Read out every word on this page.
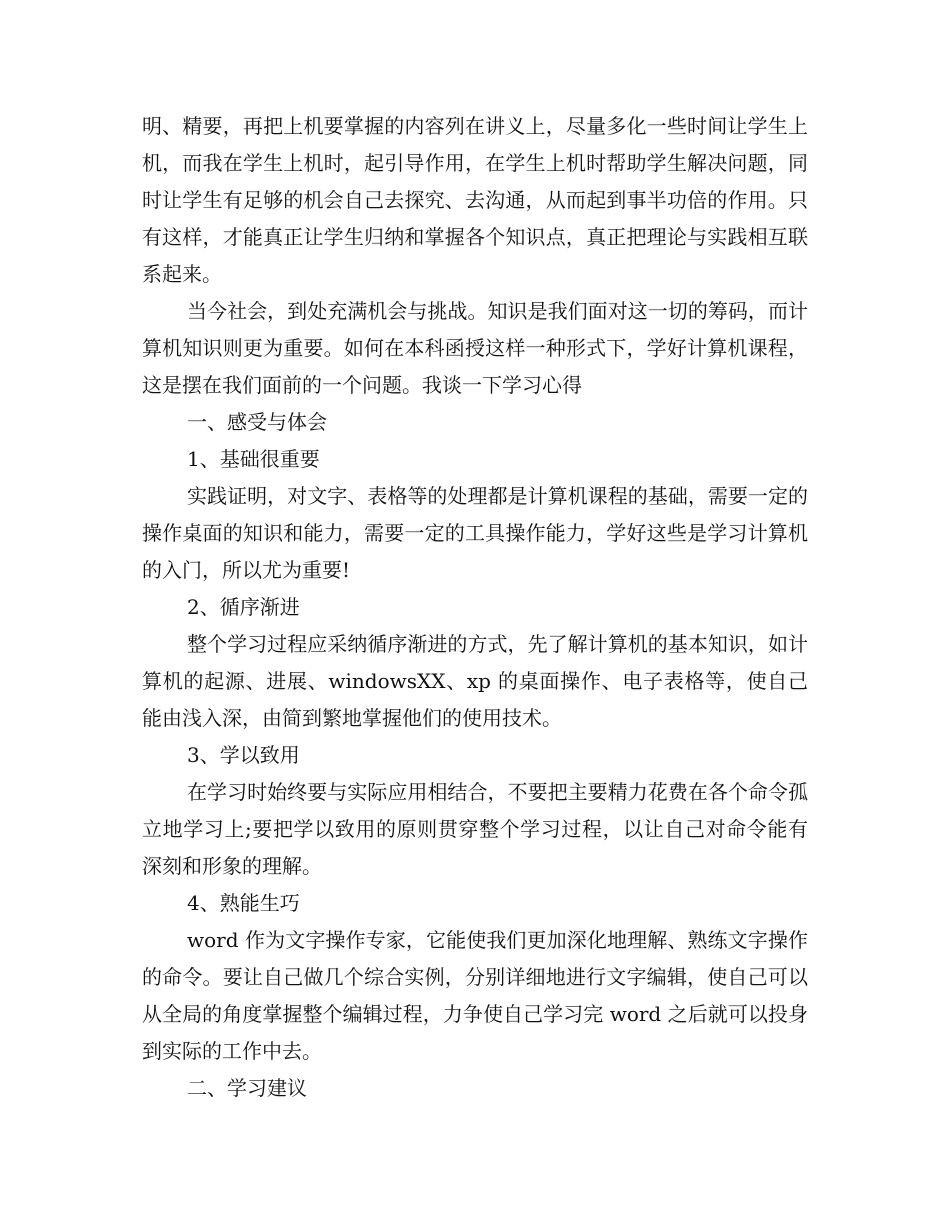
明、精要，再把上机要掌握的内容列在讲义上，尽量多化一些时间让学生上机，而我在学生上机时，起引导作用，在学生上机时帮助学生解决问题，同时让学生有足够的机会自己去探究、去沟通，从而起到事半功倍的作用。只有这样，才能真正让学生归纳和掌握各个知识点，真正把理论与实践相互联系起来。

当今社会，到处充满机会与挑战。知识是我们面对这一切的筹码，而计算机知识则更为重要。如何在本科函授这样一种形式下，学好计算机课程，这是摆在我们面前的一个问题。我谈一下学习心得

一、感受与体会

1、基础很重要

实践证明，对文字、表格等的处理都是计算机课程的基础，需要一定的操作桌面的知识和能力，需要一定的工具操作能力，学好这些是学习计算机的入门，所以尤为重要!

2、循序渐进

整个学习过程应采纳循序渐进的方式，先了解计算机的基本知识，如计算机的起源、进展、windowsXX、xp 的桌面操作、电子表格等，使自己能由浅入深，由简到繁地掌握他们的使用技术。

3、学以致用

在学习时始终要与实际应用相结合，不要把主要精力花费在各个命令孤立地学习上;要把学以致用的原则贯穿整个学习过程，以让自己对命令能有深刻和形象的理解。

4、熟能生巧

word 作为文字操作专家，它能使我们更加深化地理解、熟练文字操作的命令。要让自己做几个综合实例，分别详细地进行文字编辑，使自己可以从全局的角度掌握整个编辑过程，力争使自己学习完 word 之后就可以投身到实际的工作中去。

二、学习建议
